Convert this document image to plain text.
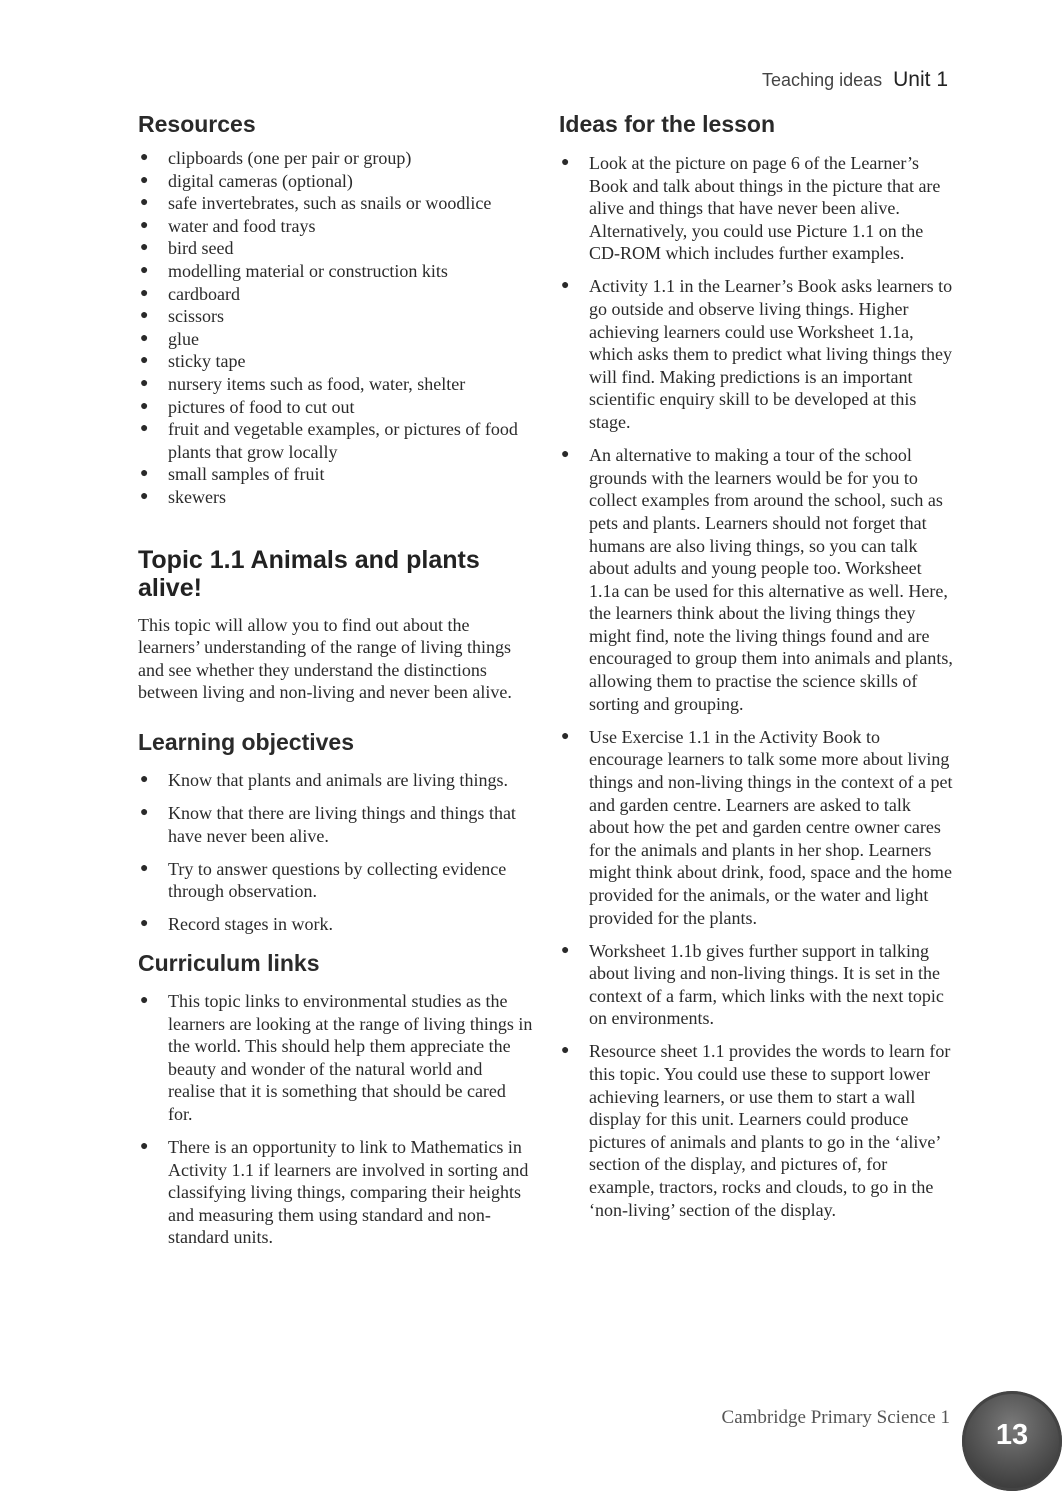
Teaching ideas Unit 1
Resources
● clipboards (one per pair or group)
● digital cameras (optional)
● safe invertebrates, such as snails or woodlice
● water and food trays
● bird seed
● modelling material or construction kits
● cardboard
● scissors
● glue
● sticky tape
● nursery items such as food, water, shelter
● pictures of food to cut out
● fruit and vegetable examples, or pictures of food plants that grow locally
● small samples of fruit
● skewers
Topic 1.1 Animals and plants
alive!

This topic will allow you to find out about the learners’ understanding of the range of living things and see whether they understand the distinctions between living and non-living and never been alive.

Learning objectives
● Know that plants and animals are living things.
● Know that there are living things and things that have never been alive.
● Try to answer questions by collecting evidence through observation.
● Record stages in work.
Curriculum links
● This topic links to environmental studies as the learners are looking at the range of living things in the world. This should help them appreciate the beauty and wonder of the natural world and realise that it is something that should be cared for.
● There is an opportunity to link to Mathematics in Activity 1.1 if learners are involved in sorting and classifying living things, comparing their heights and measuring them using standard and non-standard units.
Ideas for the lesson
● Look at the picture on page 6 of the Learner’s Book and talk about things in the picture that are alive and things that have never been alive. Alternatively, you could use Picture 1.1 on the CD-ROM which includes further examples.
● Activity 1.1 in the Learner’s Book asks learners to go outside and observe living things. Higher achieving learners could use Worksheet 1.1a, which asks them to predict what living things they will find. Making predictions is an important scientific enquiry skill to be developed at this stage.
● An alternative to making a tour of the school grounds with the learners would be for you to collect examples from around the school, such as pets and plants. Learners should not forget that humans are also living things, so you can talk about adults and young people too. Worksheet 1.1a can be used for this alternative as well. Here, the learners think about the living things they might find, note the living things found and are encouraged to group them into animals and plants, allowing them to practise the science skills of sorting and grouping.
● Use Exercise 1.1 in the Activity Book to encourage learners to talk some more about living things and non-living things in the context of a pet and garden centre. Learners are asked to talk about how the pet and garden centre owner cares for the animals and plants in her shop. Learners might think about drink, food, space and the home provided for the animals, or the water and light provided for the plants.
● Worksheet 1.1b gives further support in talking about living and non-living things. It is set in the context of a farm, which links with the next topic on environments.
● Resource sheet 1.1 provides the words to learn for this topic. You could use these to support lower achieving learners, or use them to start a wall display for this unit. Learners could produce pictures of animals and plants to go in the ‘alive’ section of the display, and pictures of, for example, tractors, rocks and clouds, to go in the ‘non-living’ section of the display.
Cambridge Primary Science 1
13
